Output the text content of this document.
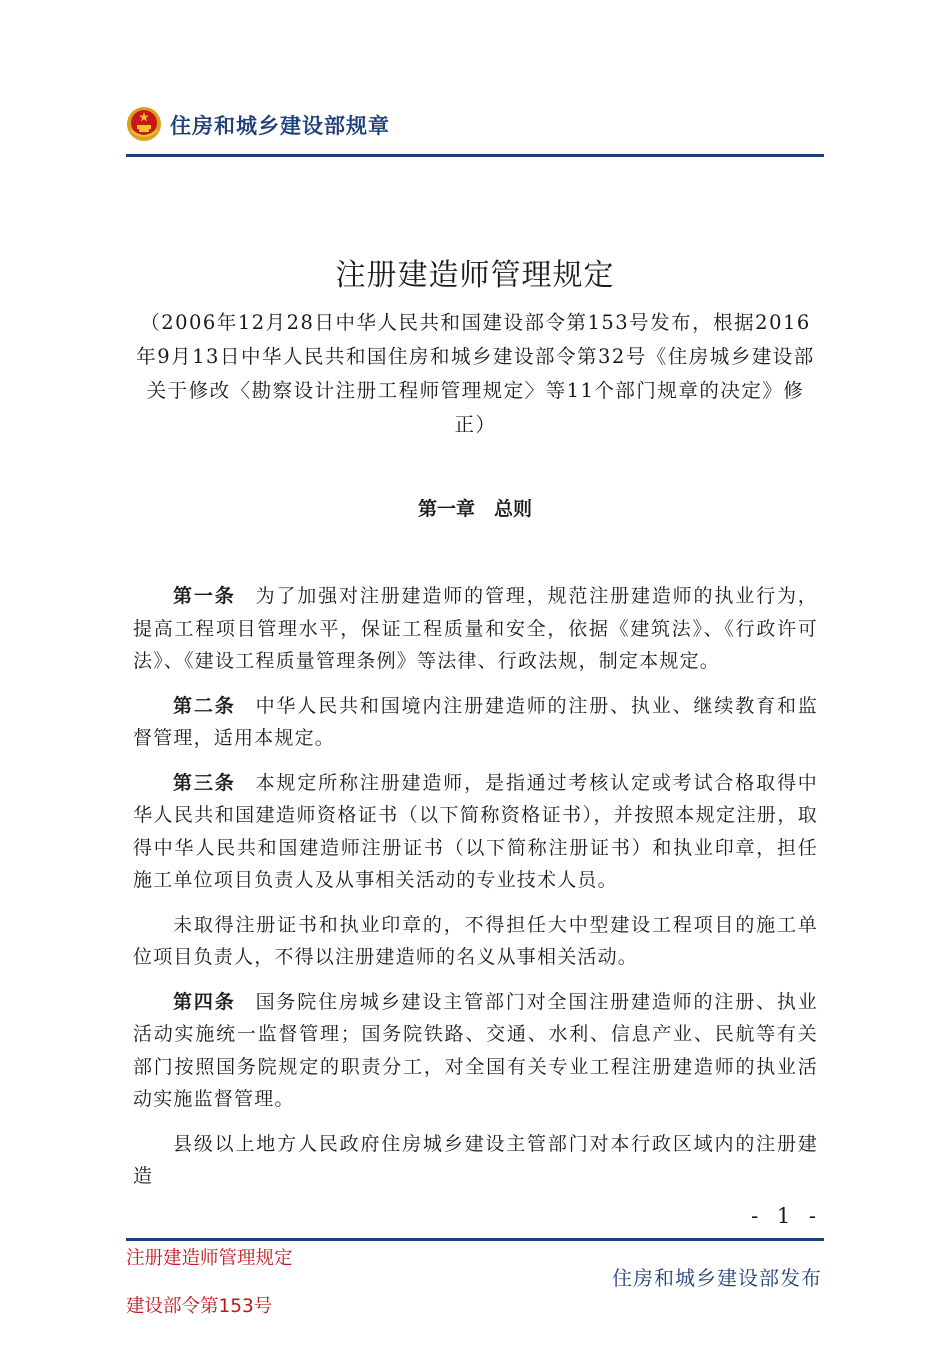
住房和城乡建设部规章
注册建造师管理规定
（2006年12月28日中华人民共和国建设部令第153号发布，根据2016年9月13日中华人民共和国住房和城乡建设部令第32号《住房城乡建设部关于修改〈勘察设计注册工程师管理规定〉等11个部门规章的决定》修正）
第一章　总则

第一条 为了加强对注册建造师的管理，规范注册建造师的执业行为，提高工程项目管理水平，保证工程质量和安全，依据《建筑法》、《行政许可法》、《建设工程质量管理条例》等法律、行政法规，制定本规定。

第二条 中华人民共和国境内注册建造师的注册、执业、继续教育和监督管理，适用本规定。

第三条 本规定所称注册建造师，是指通过考核认定或考试合格取得中华人民共和国建造师资格证书（以下简称资格证书），并按照本规定注册，取得中华人民共和国建造师注册证书（以下简称注册证书）和执业印章，担任施工单位项目负责人及从事相关活动的专业技术人员。

未取得注册证书和执业印章的，不得担任大中型建设工程项目的施工单位项目负责人，不得以注册建造师的名义从事相关活动。

第四条 国务院住房城乡建设主管部门对全国注册建造师的注册、执业活动实施统一监督管理；国务院铁路、交通、水利、信息产业、民航等有关部门按照国务院规定的职责分工，对全国有关专业工程注册建造师的执业活动实施监督管理。

县级以上地方人民政府住房城乡建设主管部门对本行政区域内的注册建造

- 1 -
注册建造师管理规定
建设部令第153号
住房和城乡建设部发布
